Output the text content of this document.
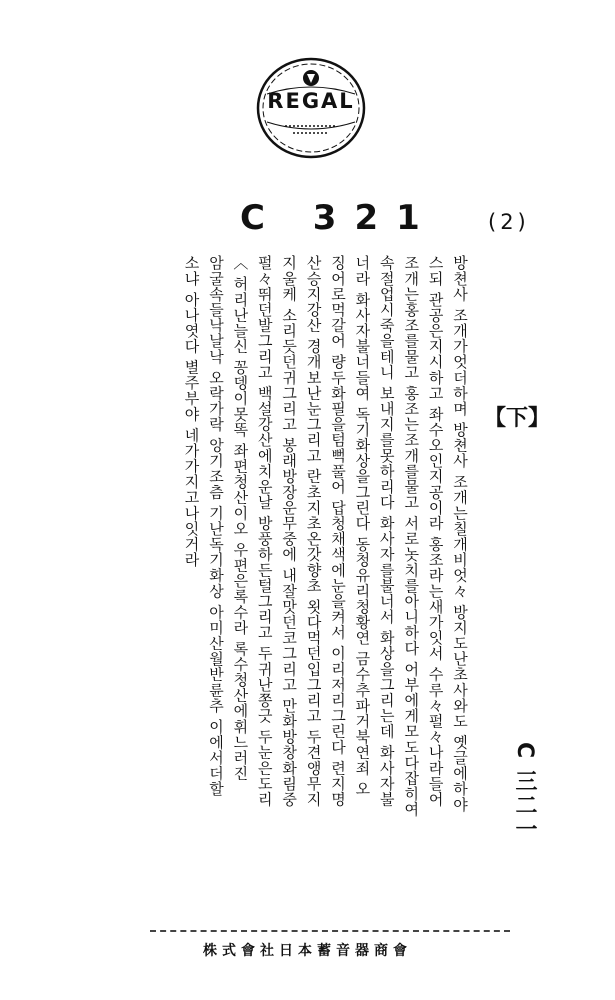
REGAL
C 321 (2)
방쳔사 조개가엇더하며 방쳔사 조개는칠개비엇々 방지도난초사와도 옛글에하야
스되 관공은지시하고 좌수오인지공이라 홍조라는새가잇서 수루々펄々나라들어
조개는홍조를물고 홍조는조개를물고 서로놋치를아니하다 어부에게모도다잡히여
속절업시죽을테니 보내지를못하리다 화사자를불너서 화상을그리는데 화사자불
너라 화사자불너들여 독기화상을그린다 동청유리청황연 금수추파거북연죄 오
징어로먹갈어 량두화필을텀뻑풀어 답청채색에눈을켜서 이리저리그린다 련지명
산승지강산 경개보난눈그리고 란초지초온갓향초 욋다먹던입그리고 두견앵무지
지울케 소리듯던귀그리고 봉래방장운무중에 내잘맛던코그리고 만화방창화림중
펄々뛰던발그리고 백설강산에치운날 방풍하든털그리고 두귀난쫑긋 두눈은도리
〈 허리난늘신 꽁뎅이못똑 좌편청산이오 우편은록수라 록수청산에휘느러진
암굴속들낙날낙 오락가락 앙기조츰 기난독기화상 아미산월반륜추 이에서더할
소냐 아나엿다 별주부야 네가가지고나잇거라	【下】
C 三二一
株式會社日本蓄音器商會
